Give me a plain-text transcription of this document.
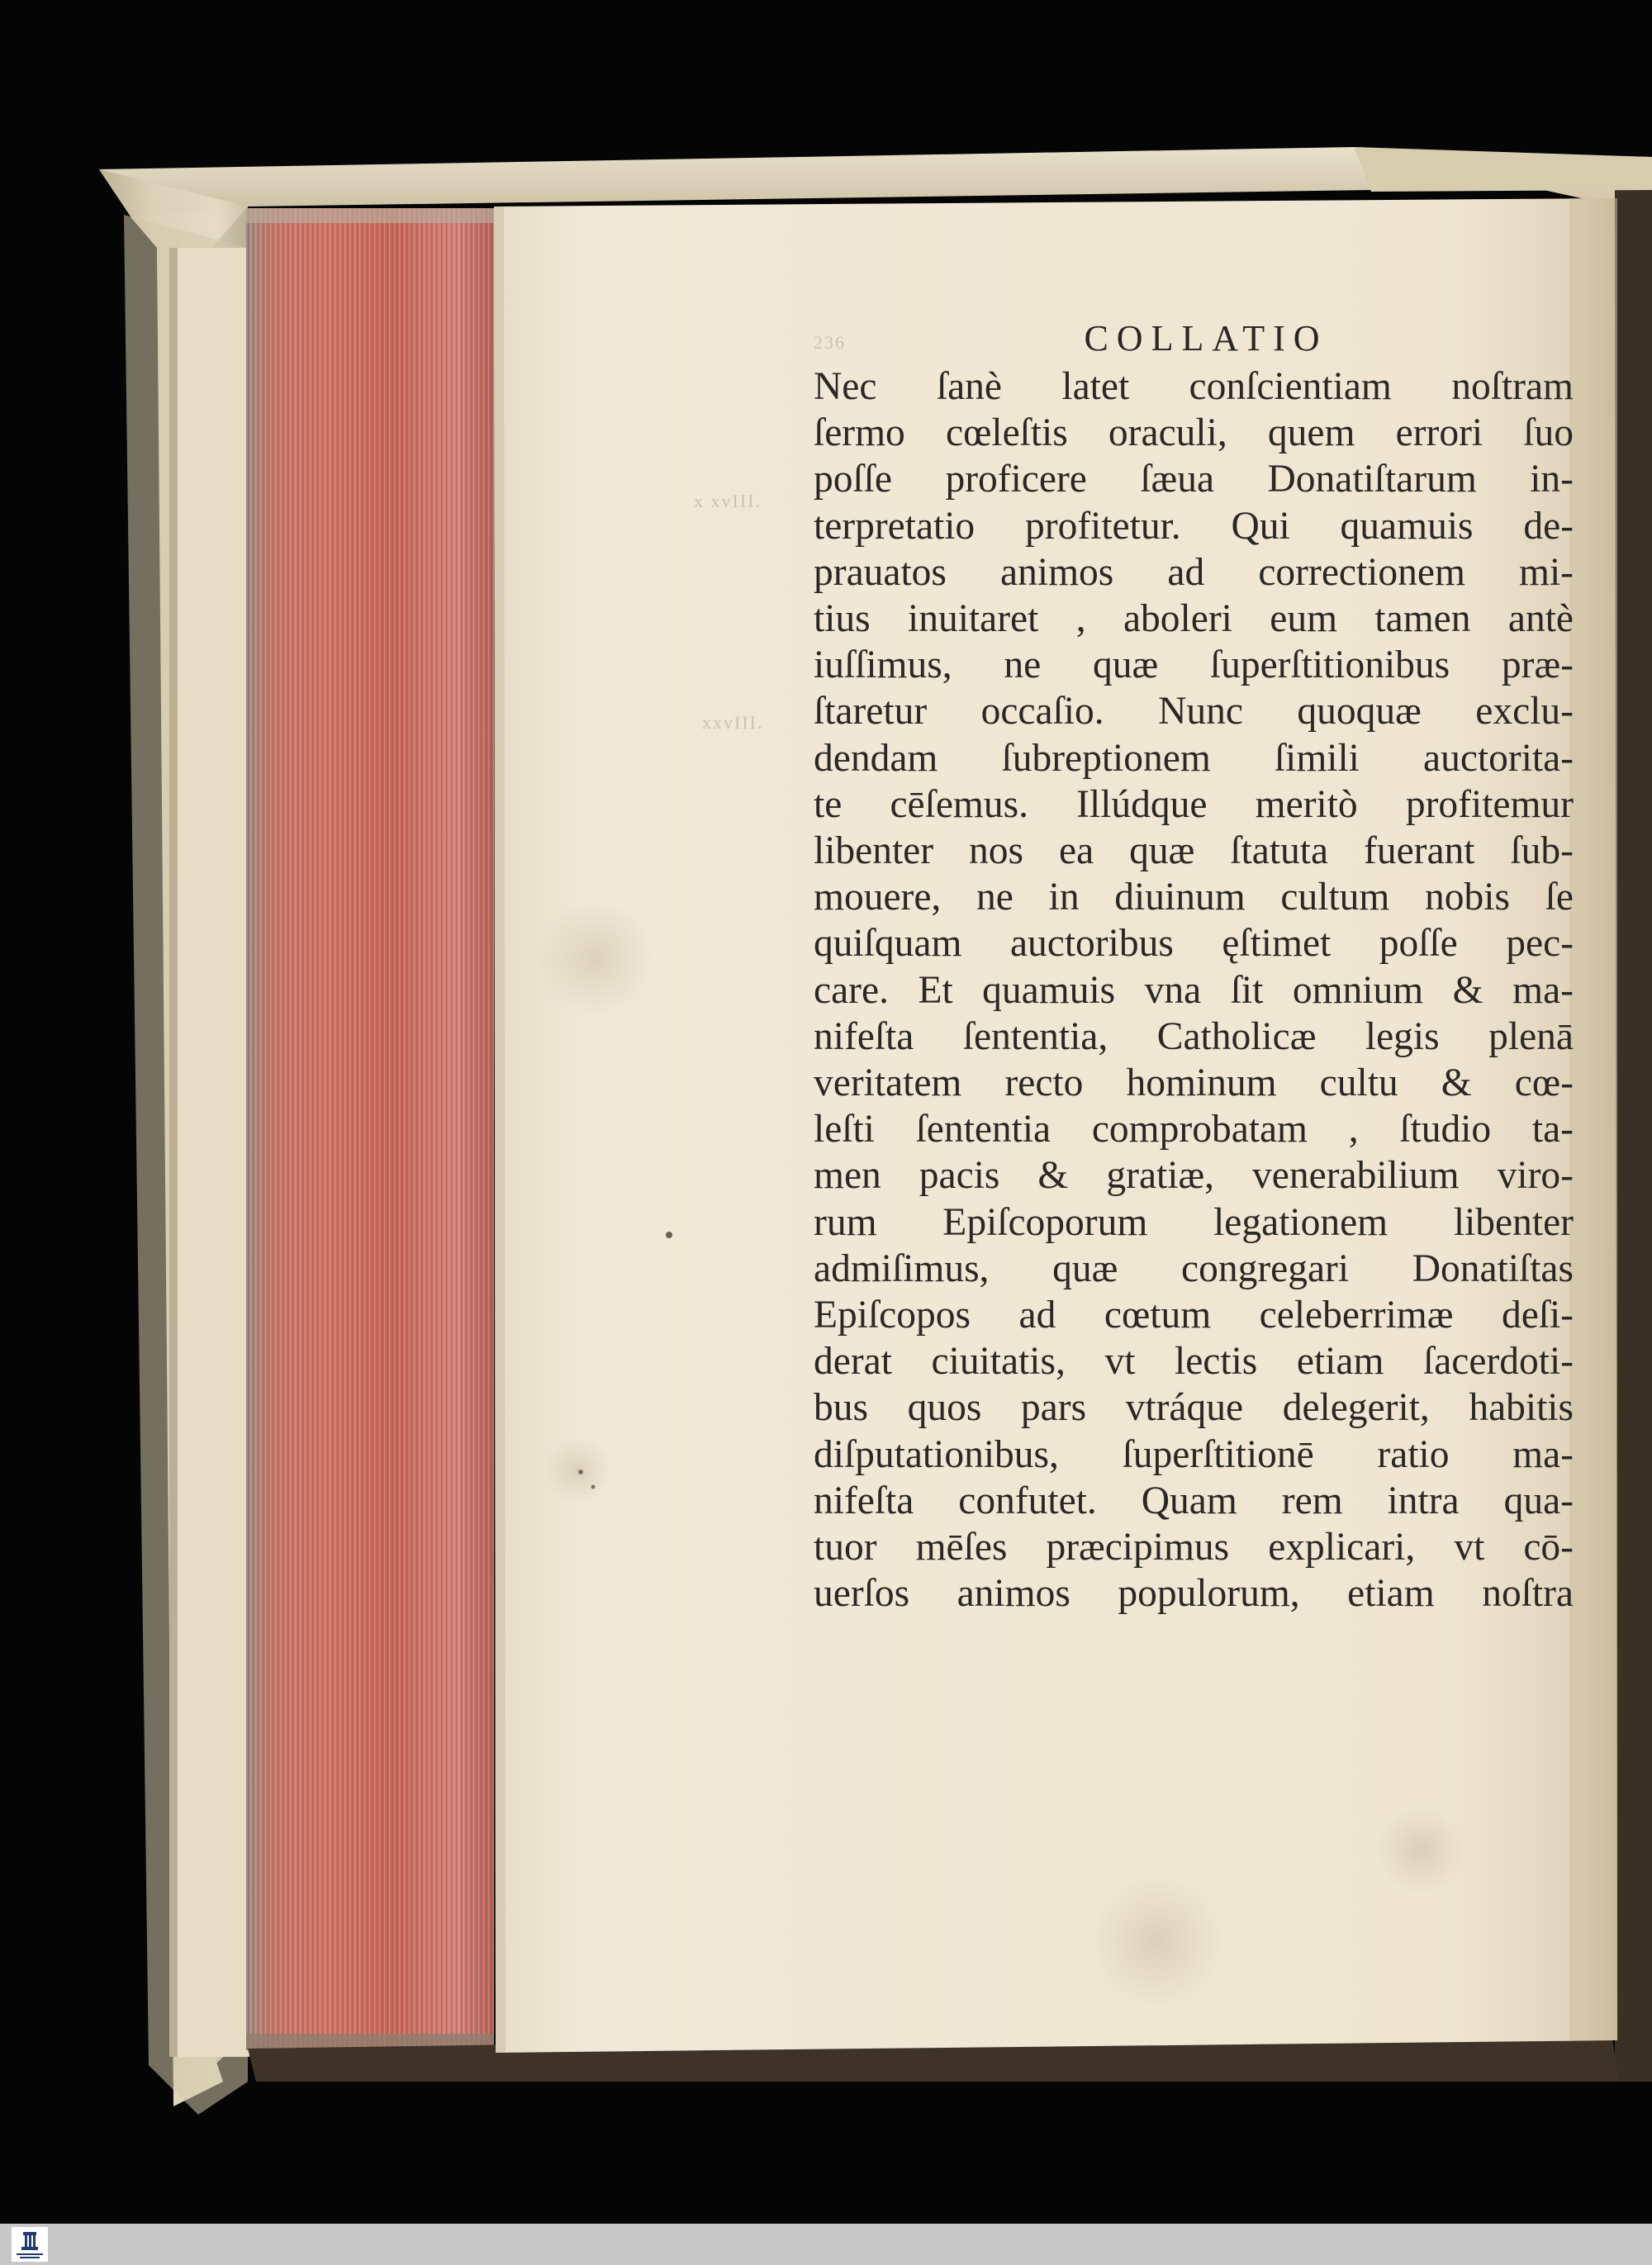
236
x xvIII.
xxvIII.
COLLATIO
Nec ſanè latet conſcientiam noſtram
ſermo cœleſtis oraculi, quem errori ſuo
poſſe proficere ſæua Donatiſtarum in-
terpretatio profitetur. Qui quamuis de-
prauatos animos ad correctionem mi-
tius inuitaret , aboleri eum tamen antè
iuſſimus, ne quæ ſuperſtitionibus præ-
ſtaretur occaſio. Nunc quoquæ exclu-
dendam ſubreptionem ſimili auctorita-
te cēſemus. Illúdque meritò profitemur
libenter nos ea quæ ſtatuta fuerant ſub-
mouere, ne in diuinum cultum nobis ſe
quiſquam auctoribus ęſtimet poſſe pec-
care. Et quamuis vna ſit omnium & ma-
nifeſta ſententia, Catholicæ legis plenā
veritatem recto hominum cultu & cœ-
leſti ſententia comprobatam , ſtudio ta-
men pacis & gratiæ, venerabilium viro-
rum Epiſcoporum legationem libenter
admiſimus, quæ congregari Donatiſtas
Epiſcopos ad cœtum celeberrimæ deſi-
derat ciuitatis, vt lectis etiam ſacerdoti-
bus quos pars vtráque delegerit, habitis
diſputationibus, ſuperſtitionē ratio ma-
nifeſta confutet. Quam rem intra qua-
tuor mēſes præcipimus explicari, vt cō-
uerſos animos populorum, etiam noſtra
